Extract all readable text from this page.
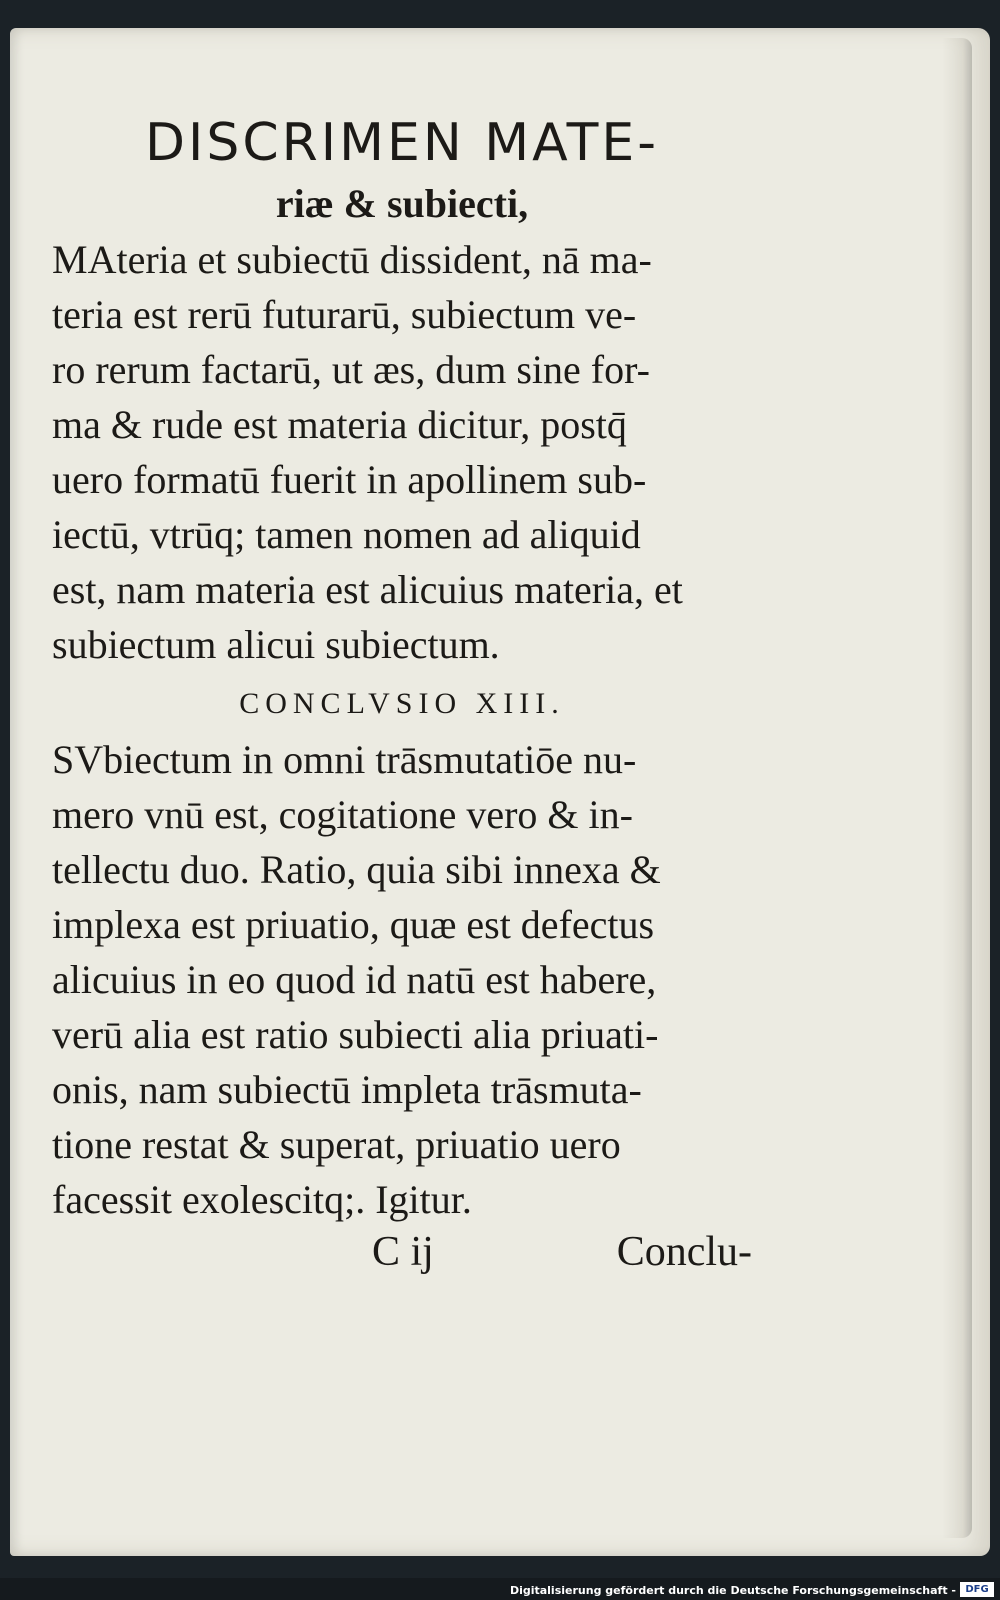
DISCRIMEN MATE-
riæ & subiecti,
MAteria et subiectū dissident, nā ma-
teria est rerū futurarū, subiectum ve-
ro rerum factarū, ut æs, dum sine for-
ma & rude est materia dicitur, postq̄
uero formatū fuerit in apollinem sub-
iectū, vtrūq; tamen nomen ad aliquid
est, nam materia est alicuius materia, et
subiectum alicui subiectum.
CONCLVSIO XIII.
SVbiectum in omni trāsmutatiōe nu-
mero vnū est, cogitatione vero & in-
tellectu duo. Ratio, quia sibi innexa &
implexa est priuatio, quæ est defectus
alicuius in eo quod id natū est habere,
verū alia est ratio subiecti alia priuati-
onis, nam subiectū impleta trāsmuta-
tione restat & superat, priuatio uero
facessit exolescitq;. Igitur.
C ij	Conclu-
Digitalisierung gefördert durch die Deutsche Forschungsgemeinschaft - DFG
